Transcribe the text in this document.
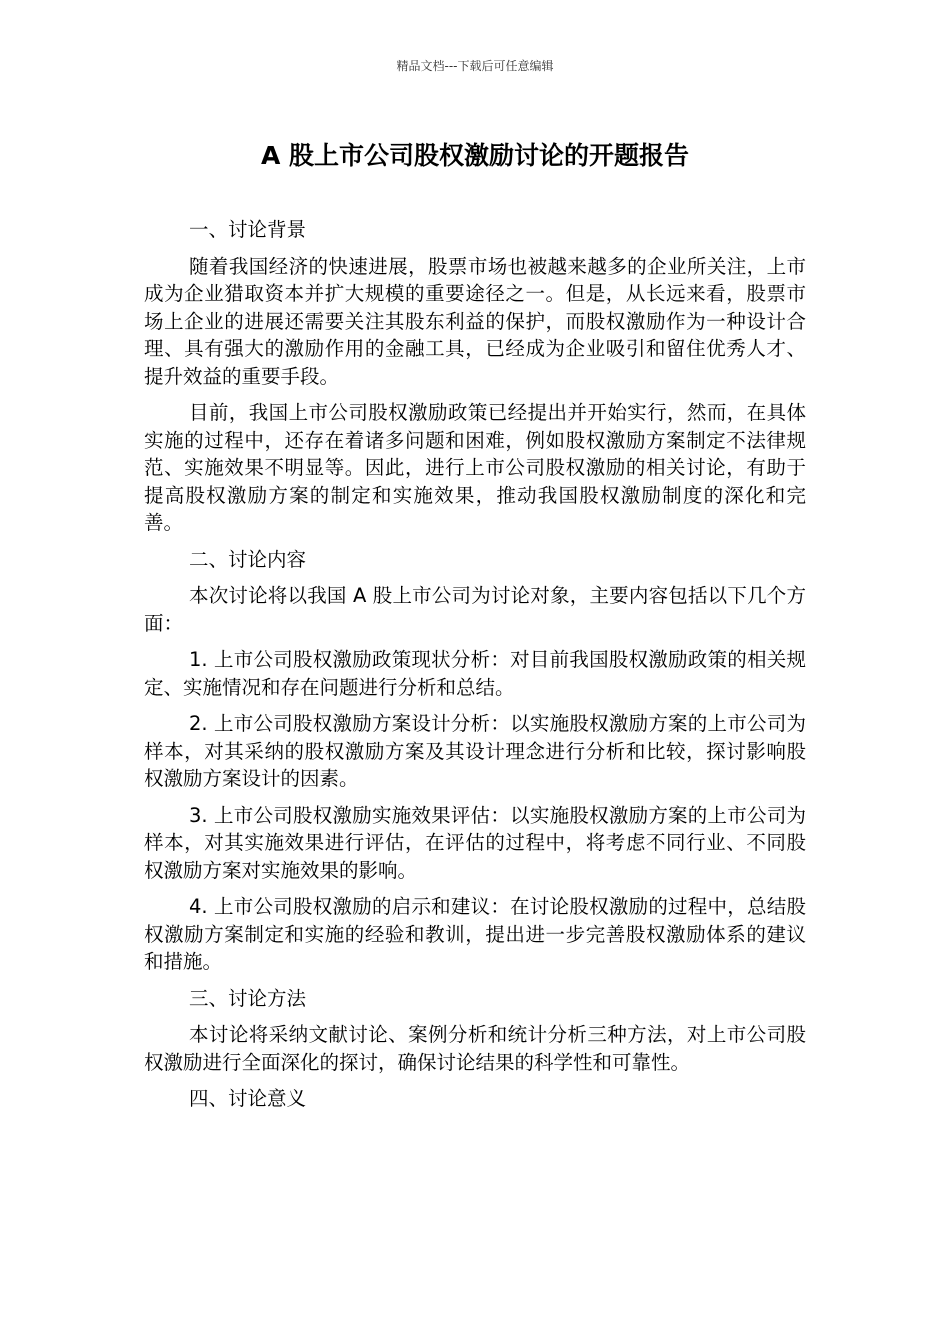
精品文档---下载后可任意编辑
A 股上市公司股权激励讨论的开题报告

一、讨论背景

随着我国经济的快速进展，股票市场也被越来越多的企业所关注，上市成为企业猎取资本并扩大规模的重要途径之一。但是，从长远来看，股票市场上企业的进展还需要关注其股东利益的保护，而股权激励作为一种设计合理、具有强大的激励作用的金融工具，已经成为企业吸引和留住优秀人才、提升效益的重要手段。

目前，我国上市公司股权激励政策已经提出并开始实行，然而，在具体实施的过程中，还存在着诸多问题和困难，例如股权激励方案制定不法律规范、实施效果不明显等。因此，进行上市公司股权激励的相关讨论，有助于提高股权激励方案的制定和实施效果，推动我国股权激励制度的深化和完善。

二、讨论内容

本次讨论将以我国 A 股上市公司为讨论对象，主要内容包括以下几个方面：

1. 上市公司股权激励政策现状分析：对目前我国股权激励政策的相关规定、实施情况和存在问题进行分析和总结。

2. 上市公司股权激励方案设计分析：以实施股权激励方案的上市公司为样本，对其采纳的股权激励方案及其设计理念进行分析和比较，探讨影响股权激励方案设计的因素。

3. 上市公司股权激励实施效果评估：以实施股权激励方案的上市公司为样本，对其实施效果进行评估，在评估的过程中，将考虑不同行业、不同股权激励方案对实施效果的影响。

4. 上市公司股权激励的启示和建议：在讨论股权激励的过程中，总结股权激励方案制定和实施的经验和教训，提出进一步完善股权激励体系的建议和措施。

三、讨论方法

本讨论将采纳文献讨论、案例分析和统计分析三种方法，对上市公司股权激励进行全面深化的探讨，确保讨论结果的科学性和可靠性。

四、讨论意义
